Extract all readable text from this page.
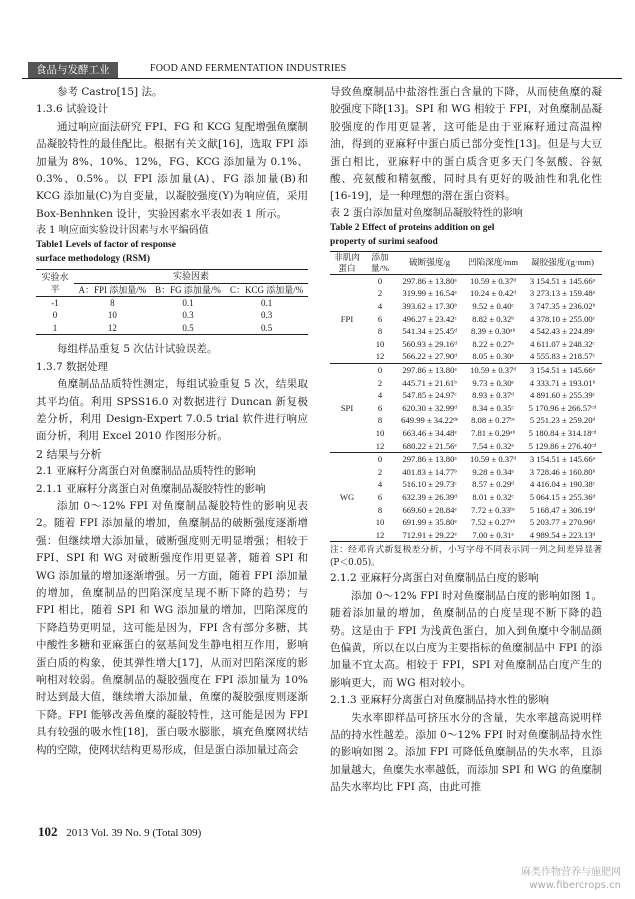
食品与发酵工业	FOOD AND FERMENTATION INDUSTRIES

参考 Castro[15] 法。

1.3.6 试验设计

通过响应面法研究 FPI、FG 和 KCG 复配增强鱼糜制品凝胶特性的最佳配比。根据有关文献[16]，选取 FPI 添加量为 8%、10%、12%，FG、KCG 添加量为 0.1%、0.3%、0.5%。以 FPI 添加量(A)、FG 添加量(B)和 KCG 添加量(C)为自变量，以凝胶强度(Y)为响应值，采用 Box-Benhnken 设计，实验因素水平表如表 1 所示。

表 1 响应面实验设计因素与水平编码值

Table1 Levels of factor of response

surface methodology (RSM)

实验水平	实验因素		
	A：FPI 添加量/%	B：FG 添加量/%	C：KCG 添加量/%
-1	8	0.1	0.1
0	10	0.3	0.3
1	12	0.5	0.5

每组样品重复 5 次估计试验误差。

1.3.7 数据处理

鱼糜制品品质特性测定，每组试验重复 5 次，结果取其平均值。利用 SPSS16.0 对数据进行 Duncan 新复极差分析，利用 Design-Expert 7.0.5 trial 软件进行响应面分析，利用 Excel 2010 作图形分析。

2 结果与分析

2.1 亚麻籽分离蛋白对鱼糜制品品质特性的影响

2.1.1 亚麻籽分离蛋白对鱼糜制品凝胶特性的影响

添加 0～12% FPI 对鱼糜制品凝胶特性的影响见表 2。随着 FPI 添加量的增加，鱼糜制品的破断强度逐渐增强：但继续增大添加量，破断强度则无明显增强；相较于 FPI、SPI 和 WG 对破断强度作用更显著，随着 SPI 和 WG 添加量的增加逐渐增强。另一方面，随着 FPI 添加量的增加，鱼糜制品的凹陷深度呈现不断下降的趋势；与 FPI 相比，随着 SPI 和 WG 添加量的增加，凹陷深度的下降趋势更明显，这可能是因为，FPI 含有部分多糖，其中酸性多糖和亚麻蛋白的氨基间发生静电相互作用，影响蛋白质的构象，使其弹性增大[17]，从而对凹陷深度的影响相对较弱。鱼糜制品的凝胶强度在 FPI 添加量为 10% 时达到最大值，继续增大添加量，鱼糜的凝胶强度则逐渐下降。FPI 能够改善鱼糜的凝胶特性，这可能是因为 FPI 具有较强的吸水性[18]，蛋白吸水膨胀，填充鱼糜网状结构的空隙，使网状结构更易形成，但是蛋白添加量过高会

导致鱼糜制品中盐溶性蛋白含量的下降，从而使鱼糜的凝胶强度下降[13]。SPI 和 WG 相较于 FPI，对鱼糜制品凝胶强度的作用更显著，这可能是由于亚麻籽通过高温榨油，得到的亚麻籽中蛋白质已部分变性[13]。但是与大豆蛋白相比，亚麻籽中的蛋白质含更多天门冬氨酸、谷氨酸、亮氨酸和精氨酸，同时具有更好的吸油性和乳化性[16-19]，是一种理想的潜在蛋白资料。

表 2 蛋白添加量对鱼糜制品凝胶特性的影响

Table 2 Effect of proteins addition on gel

property of surimi seafood

非肌肉蛋白	添加量/%	破断强度/g	凹陷深度/mm	凝胶强度/(g·mm)
FPI	0	297.86 ± 13.80ᵃ	10.59 ± 0.37ᵈ	3 154.51 ± 145.66ᵃ
	2	319.99 ± 16.54ᵃ	10.24 ± 0.42ᵈ	3 273.13 ± 159.48ᵃ
	4	393.62 ± 17.30ᵇ	9.52 ± 0.40ᶜ	3 747.35 ± 236.02ᵇ
	6	496.27 ± 23.42ᶜ	8.82 ± 0.32ᵇ	4 378.10 ± 255.00ᶜ
	8	541.34 ± 25.45ᵈ	8.39 ± 0.30ᵃᵇ	4 542.43 ± 224.89ᶜ
	10	560.93 ± 29.16ᵈ	8.22 ± 0.27ᵃ	4 611.07 ± 248.32ᶜ
	12	566.22 ± 27.90ᵈ	8.05 ± 0.30ᵃ	4 555.83 ± 218.57ᶜ
SPI	0	297.86 ± 13.80ᵃ	10.59 ± 0.37ᵈ	3 154.51 ± 145.66ᵃ
	2	445.71 ± 21.61ᵇ	9.73 ± 0.30ᵉ	4 333.71 ± 193.01ᵇ
	4	547.85 ± 24.97ᶜ	8.93 ± 0.37ᵈ	4 891.60 ± 255.39ᶜ
	6	620.30 ± 32.99ᵈ	8.34 ± 0.35ᶜ	5 170.96 ± 266.57ᶜᵈ
	8	649.99 ± 34.22ᵈᵉ	8.08 ± 0.27ᵇᶜ	5 251.23 ± 259.20ᵈ
	10	663.46 ± 34.48ᵉ	7.81 ± 0.29ᵃᵇ	5 180.84 ± 314.18ᶜᵈ
	12	680.22 ± 21.56ᵉ	7.54 ± 0.32ᵃ	5 129.86 ± 276.40ᶜᵈ
WG	0	297.86 ± 13.80ᵃ	10.59 ± 0.37ᵈ	3 154.51 ± 145.66ᵃ
	2	401.83 ± 14.77ᵇ	9.28 ± 0.34ᵉ	3 728.46 ± 160.80ᵇ
	4	516.10 ± 29.73ᶜ	8.57 ± 0.29ᵈ	4 416.04 ± 190.38ᶜ
	6	632.39 ± 26.39ᵈ	8.01 ± 0.32ᶜ	5 064.15 ± 255.36ᵈ
	8	669.60 ± 28.84ᵉ	7.72 ± 0.33ᵇᶜ	5 168.47 ± 306.19ᵈ
	10	691.99 ± 35.80ᵉ	7.52 ± 0.27ᵃᵇ	5 203.77 ± 270.96ᵈ
	12	712.91 ± 29.22ᵉ	7.00 ± 0.31ᵃ	4 989.54 ± 223.13ᵈ

注：经邓肯式新复极差分析，小写字母不同表示同一列之间差异显著(P＜0.05)。

2.1.2 亚麻籽分离蛋白对鱼糜制品白度的影响

添加 0～12% FPI 时对鱼糜制品白度的影响如图 1。随着添加量的增加，鱼糜制品的白度呈现不断下降的趋势。这是由于 FPI 为浅黄色蛋白，加入到鱼糜中令制品颜色偏黄，所以在以白度为主要指标的鱼糜制品中 FPI 的添加量不宜太高。相较于 FPI，SPI 对鱼糜制品白度产生的影响更大，而 WG 相对较小。

2.1.3 亚麻籽分离蛋白对鱼糜制品持水性的影响

失水率即样品可挤压水分的含量，失水率越高说明样品的持水性越差。添加 0～12% FPI 时对鱼糜制品持水性的影响如图 2。添加 FPI 可降低鱼糜制品的失水率，且添加量越大，鱼糜失水率越低，而添加 SPI 和 WG 的鱼糜制品失水率均比 FPI 高，由此可推

102 2013 Vol. 39 No. 9 (Total 309)
麻类作物营养与施肥网
www.fibercrops.cn
